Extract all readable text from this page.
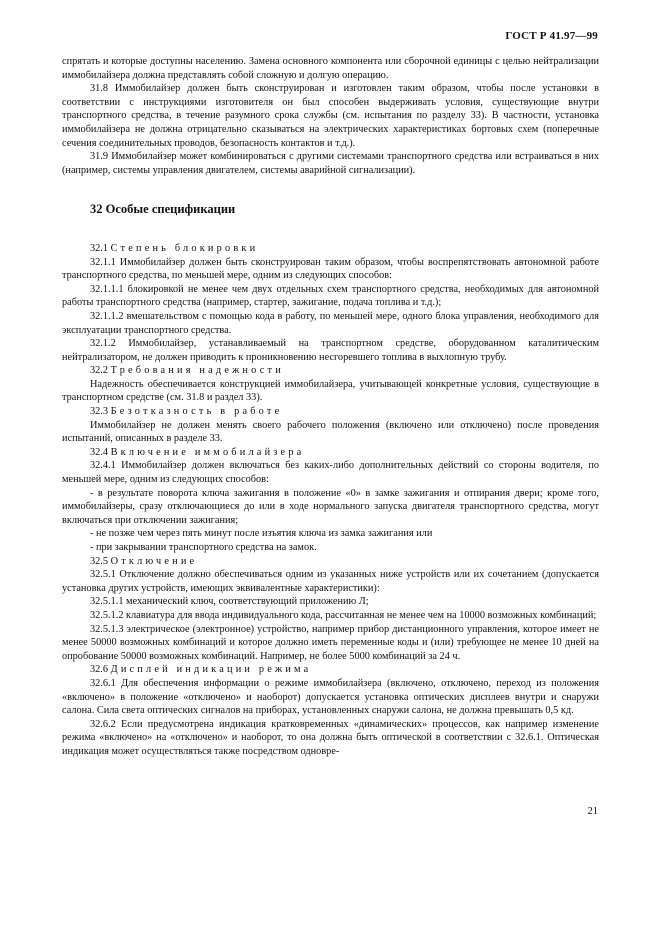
ГОСТ Р 41.97—99

спрятать и которые доступны населению. Замена основного компонента или сборочной единицы с целью нейтрализации иммобилайзера должна представлять собой сложную и долгую операцию.

31.8 Иммобилайзер должен быть сконструирован и изготовлен таким образом, чтобы после установки в соответствии с инструкциями изготовителя он был способен выдерживать условия, существующие внутри транспортного средства, в течение разумного срока службы (см. испытания по разделу 33). В частности, установка иммобилайзера не должна отрицательно сказываться на электрических характеристиках бортовых схем (поперечные сечения соединительных проводов, безопасность контактов и т.д.).

31.9 Иммобилайзер может комбинироваться с другими системами транспортного средства или встраиваться в них (например, системы управления двигателем, системы аварийной сигнализации).

32 Особые спецификации

32.1 Степень блокировки

32.1.1 Иммобилайзер должен быть сконструирован таким образом, чтобы воспрепятствовать автономной работе транспортного средства, по меньшей мере, одним из следующих способов:

32.1.1.1 блокировкой не менее чем двух отдельных схем транспортного средства, необходимых для автономной работы транспортного средства (например, стартер, зажигание, подача топлива и т.д.);

32.1.1.2 вмешательством с помощью кода в работу, по меньшей мере, одного блока управления, необходимого для эксплуатации транспортного средства.

32.1.2 Иммобилайзер, устанавливаемый на транспортном средстве, оборудованном каталитическим нейтрализатором, не должен приводить к проникновению несгоревшего топлива в выхлопную трубу.

32.2 Требования надежности

Надежность обеспечивается конструкцией иммобилайзера, учитывающей конкретные условия, существующие в транспортном средстве (см. 31.8 и раздел 33).

32.3 Безотказность в работе

Иммобилайзер не должен менять своего рабочего положения (включено или отключено) после проведения испытаний, описанных в разделе 33.

32.4 Включение иммобилайзера

32.4.1 Иммобилайзер должен включаться без каких-либо дополнительных действий со стороны водителя, по меньшей мере, одним из следующих способов:

- в результате поворота ключа зажигания в положение «0» в замке зажигания и отпирания двери; кроме того, иммобилайзеры, сразу отключающиеся до или в ходе нормального запуска двигателя транспортного средства, могут включаться при отключении зажигания;

- не позже чем через пять минут после изъятия ключа из замка зажигания или

- при закрывании транспортного средства на замок.

32.5 Отключение

32.5.1 Отключение должно обеспечиваться одним из указанных ниже устройств или их сочетанием (допускается установка других устройств, имеющих эквивалентные характеристики):

32.5.1.1 механический ключ, соответствующий приложению Л;

32.5.1.2 клавиатура для ввода индивидуального кода, рассчитанная не менее чем на 10000 возможных комбинаций;

32.5.1.3 электрическое (электронное) устройство, например прибор дистанционного управления, которое имеет не менее 50000 возможных комбинаций и которое должно иметь переменные коды и (или) требующее не менее 10 дней на опробование 50000 возможных комбинаций. Например, не более 5000 комбинаций за 24 ч.

32.6 Дисплей индикации режима

32.6.1 Для обеспечения информации о режиме иммобилайзера (включено, отключено, переход из положения «включено» в положение «отключено» и наоборот) допускается установка оптических дисплеев внутри и снаружи салона. Сила света оптических сигналов на приборах, установленных снаружи салона, не должна превышать 0,5 кд.

32.6.2 Если предусмотрена индикация кратковременных «динамических» процессов, как например изменение режима «включено» на «отключено» и наоборот, то она должна быть оптической в соответствии с 32.6.1. Оптическая индикация может осуществляться также посредством одновре-

21
